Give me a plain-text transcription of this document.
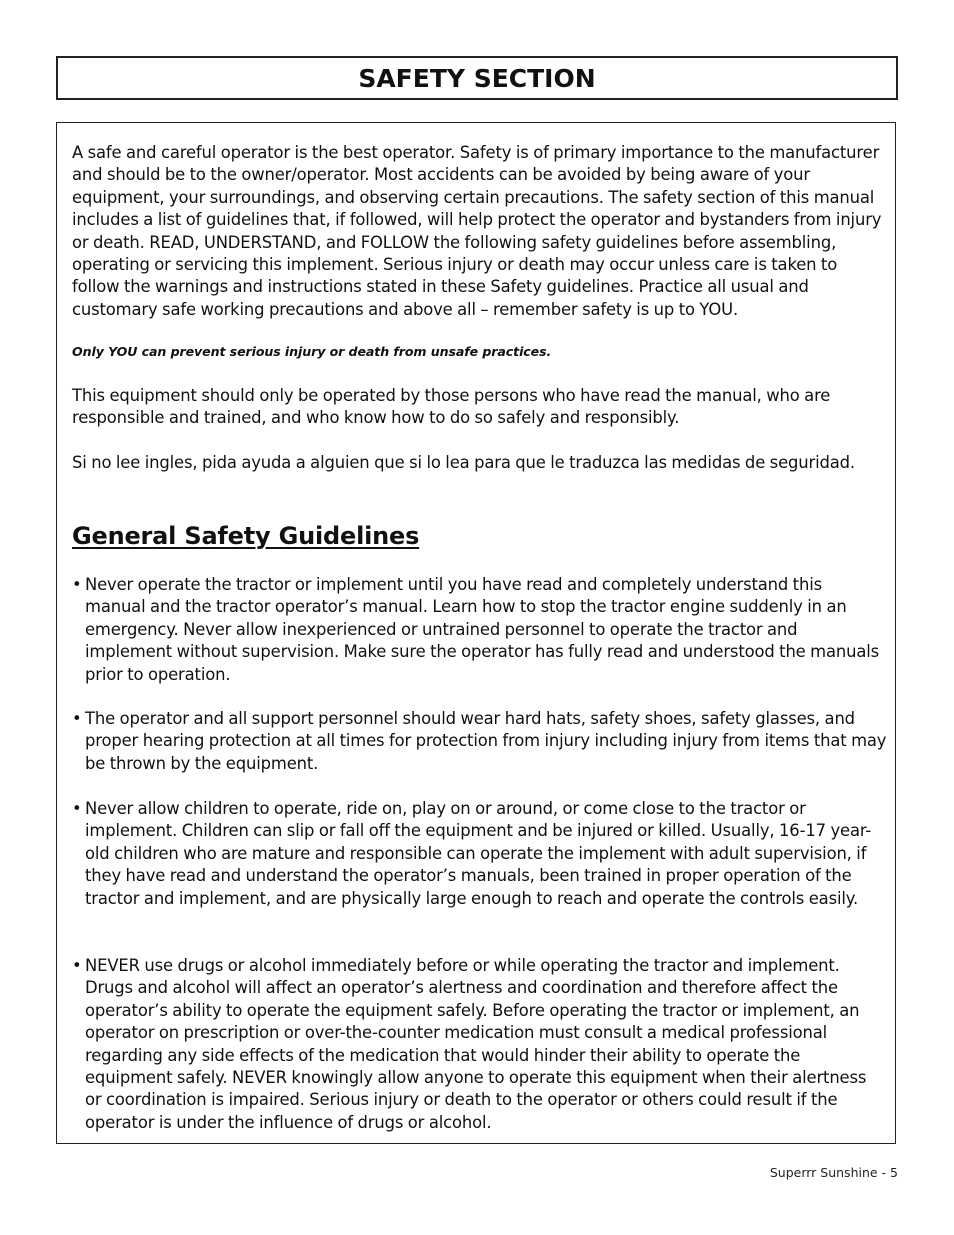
SAFETY SECTION

A safe and careful operator is the best operator. Safety is of primary importance to the manufacturer and should be to the owner/operator. Most accidents can be avoided by being aware of your equipment, your surroundings, and observing certain precautions. The safety section of this manual includes a list of guidelines that, if followed, will help protect the operator and bystanders from injury or death. READ, UNDERSTAND, and FOLLOW the following safety guidelines before assembling, operating or servicing this implement. Serious injury or death may occur unless care is taken to follow the warnings and instructions stated in these Safety guidelines. Practice all usual and customary safe working precautions and above all – remember safety is up to YOU.

Only YOU can prevent serious injury or death from unsafe practices.

This equipment should only be operated by those persons who have read the manual, who are responsible and trained, and who know how to do so safely and responsibly.

Si no lee ingles, pida ayuda a alguien que si lo lea para que le traduzca las medidas de seguridad.

General Safety Guidelines
• Never operate the tractor or implement until you have read and completely understand this manual and the tractor operator’s manual. Learn how to stop the tractor engine suddenly in an emergency. Never allow inexperienced or untrained personnel to operate the tractor and implement without supervision. Make sure the operator has fully read and understood the manuals prior to operation.
• The operator and all support personnel should wear hard hats, safety shoes, safety glasses, and proper hearing protection at all times for protection from injury including injury from items that may be thrown by the equipment.
• Never allow children to operate, ride on, play on or around, or come close to the tractor or implement. Children can slip or fall off the equipment and be injured or killed. Usually, 16-17 year-old children who are mature and responsible can operate the implement with adult supervision, if they have read and understand the operator’s manuals, been trained in proper operation of the tractor and implement, and are physically large enough to reach and operate the controls easily.
• NEVER use drugs or alcohol immediately before or while operating the tractor and implement. Drugs and alcohol will affect an operator’s alertness and coordination and therefore affect the operator’s ability to operate the equipment safely. Before operating the tractor or implement, an operator on prescription or over-the-counter medication must consult a medical professional regarding any side effects of the medication that would hinder their ability to operate the equipment safely. NEVER knowingly allow anyone to operate this equipment when their alertness or coordination is impaired. Serious injury or death to the operator or others could result if the operator is under the influence of drugs or alcohol.
Superrr Sunshine - 5
